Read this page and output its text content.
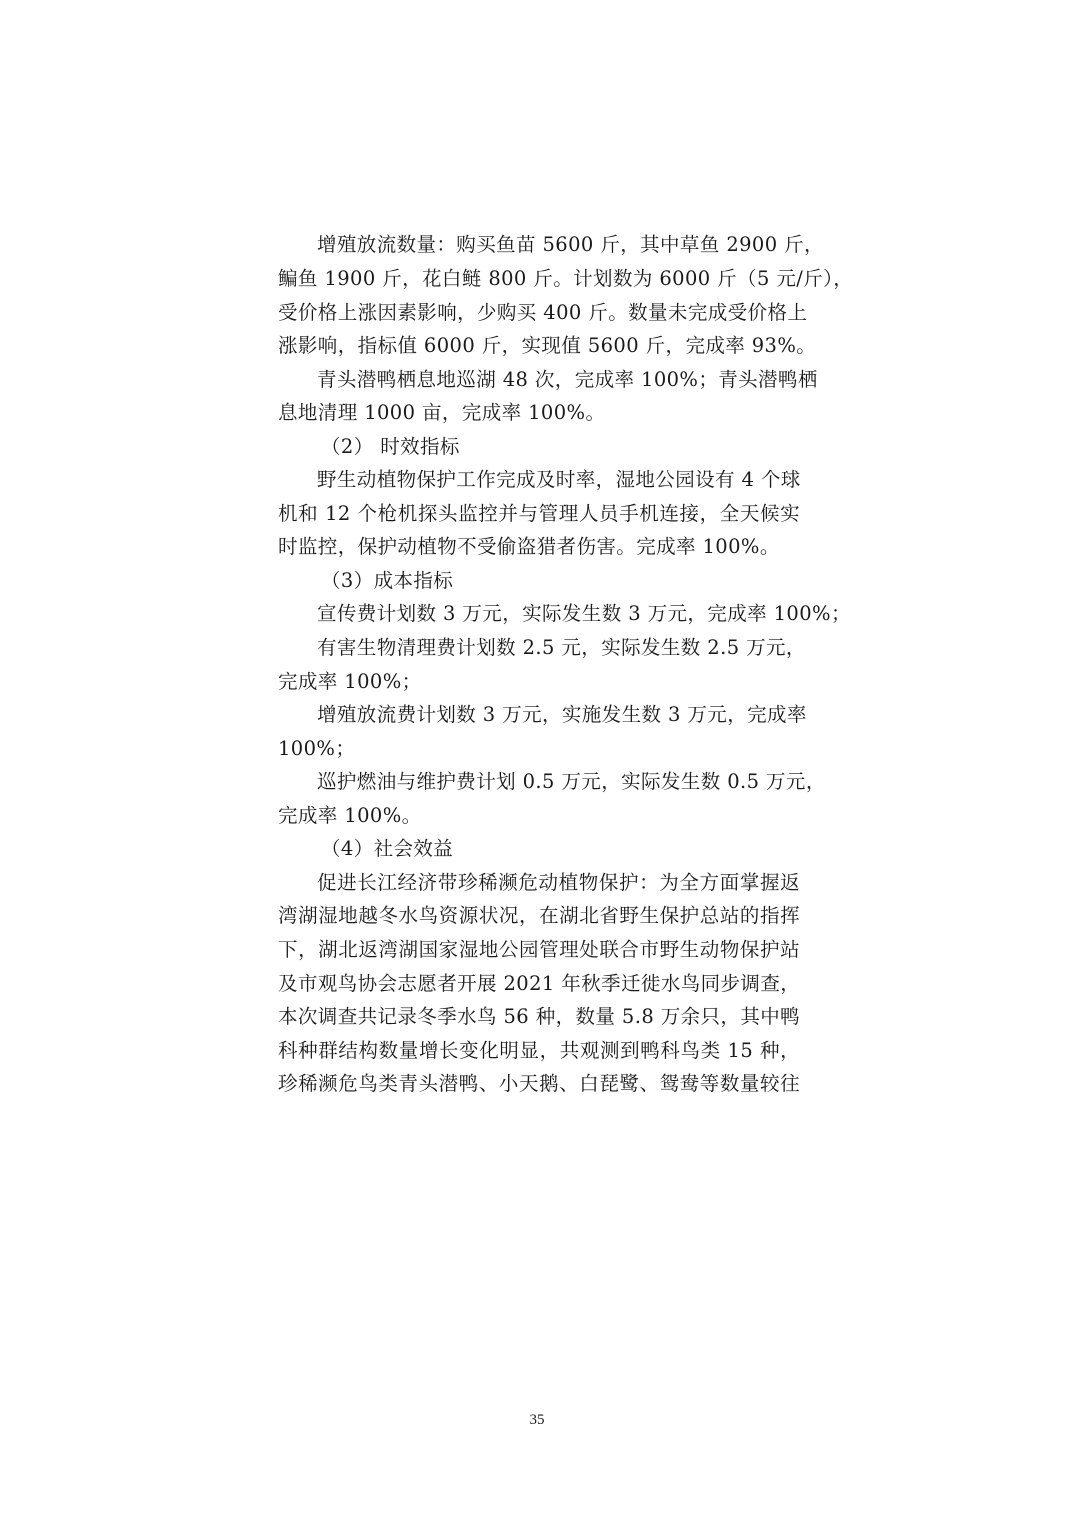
增殖放流数量：购买鱼苗 5600 斤，其中草鱼 2900 斤，
鳊鱼 1900 斤，花白鲢 800 斤。计划数为 6000 斤（5 元/斤），
受价格上涨因素影响，少购买 400 斤。数量未完成受价格上
涨影响，指标值 6000 斤，实现值 5600 斤，完成率 93%。
青头潜鸭栖息地巡湖 48 次，完成率 100%；青头潜鸭栖
息地清理 1000 亩，完成率 100%。
（2） 时效指标
野生动植物保护工作完成及时率，湿地公园设有 4 个球
机和 12 个枪机探头监控并与管理人员手机连接，全天候实
时监控，保护动植物不受偷盗猎者伤害。完成率 100%。
（3）成本指标
宣传费计划数 3 万元，实际发生数 3 万元，完成率 100%；
有害生物清理费计划数 2.5 元，实际发生数 2.5 万元，
完成率 100%；
增殖放流费计划数 3 万元，实施发生数 3 万元，完成率
100%；
巡护燃油与维护费计划 0.5 万元，实际发生数 0.5 万元，
完成率 100%。
（4）社会效益
促进长江经济带珍稀濒危动植物保护：为全方面掌握返
湾湖湿地越冬水鸟资源状况，在湖北省野生保护总站的指挥
下，湖北返湾湖国家湿地公园管理处联合市野生动物保护站
及市观鸟协会志愿者开展 2021 年秋季迁徙水鸟同步调查，
本次调查共记录冬季水鸟 56 种，数量 5.8 万余只，其中鸭
科种群结构数量增长变化明显，共观测到鸭科鸟类 15 种，
珍稀濒危鸟类青头潜鸭、小天鹅、白琵鹭、鸳鸯等数量较往
35
